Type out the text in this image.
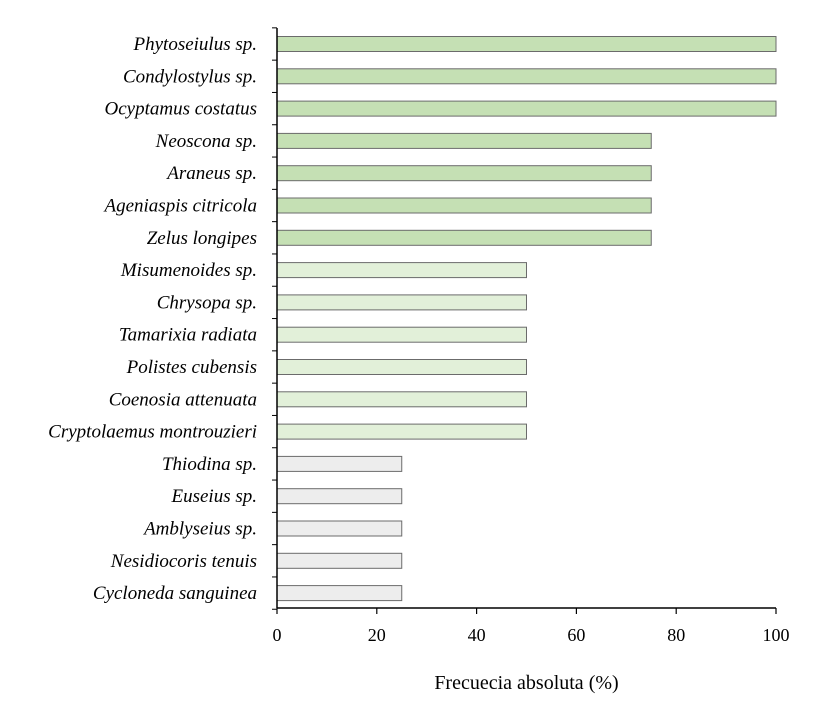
Phytoseiulus sp.
Condylostylus sp.
Ocyptamus costatus
Neoscona sp.
Araneus sp.
Ageniaspis citricola
Zelus longipes
Misumenoides sp.
Chrysopa sp.
Tamarixia radiata
Polistes cubensis
Coenosia attenuata
Cryptolaemus montrouzieri
Thiodina sp.
Euseius sp.
Amblyseius sp.
Nesidiocoris tenuis
Cycloneda sanguinea
0	20	40	60	80	100
Frecuecia absoluta (%)
